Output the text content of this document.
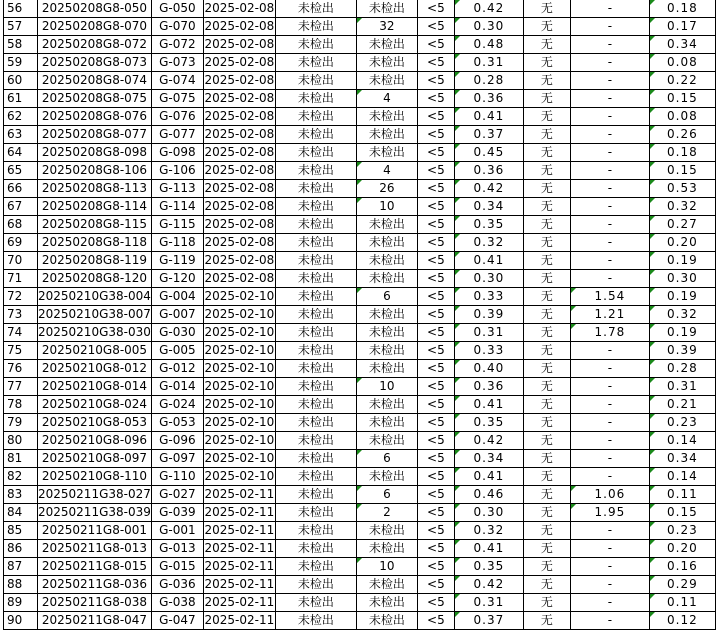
56	20250208G8-050	G-050	2025-02-08	未检出	未检出	<5	0.42	无	-	0.18
57	20250208G8-070	G-070	2025-02-08	未检出	32	<5	0.30	无	-	0.17
58	20250208G8-072	G-072	2025-02-08	未检出	未检出	<5	0.48	无	-	0.34
59	20250208G8-073	G-073	2025-02-08	未检出	未检出	<5	0.31	无	-	0.08
60	20250208G8-074	G-074	2025-02-08	未检出	未检出	<5	0.28	无	-	0.22
61	20250208G8-075	G-075	2025-02-08	未检出	4	<5	0.36	无	-	0.15
62	20250208G8-076	G-076	2025-02-08	未检出	未检出	<5	0.41	无	-	0.08
63	20250208G8-077	G-077	2025-02-08	未检出	未检出	<5	0.37	无	-	0.26
64	20250208G8-098	G-098	2025-02-08	未检出	未检出	<5	0.45	无	-	0.18
65	20250208G8-106	G-106	2025-02-08	未检出	4	<5	0.36	无	-	0.15
66	20250208G8-113	G-113	2025-02-08	未检出	26	<5	0.42	无	-	0.53
67	20250208G8-114	G-114	2025-02-08	未检出	10	<5	0.34	无	-	0.32
68	20250208G8-115	G-115	2025-02-08	未检出	未检出	<5	0.35	无	-	0.27
69	20250208G8-118	G-118	2025-02-08	未检出	未检出	<5	0.32	无	-	0.20
70	20250208G8-119	G-119	2025-02-08	未检出	未检出	<5	0.41	无	-	0.19
71	20250208G8-120	G-120	2025-02-08	未检出	未检出	<5	0.30	无	-	0.30
72	20250210G38-004	G-004	2025-02-10	未检出	6	<5	0.33	无	1.54	0.19
73	20250210G38-007	G-007	2025-02-10	未检出	未检出	<5	0.39	无	1.21	0.32
74	20250210G38-030	G-030	2025-02-10	未检出	未检出	<5	0.31	无	1.78	0.19
75	20250210G8-005	G-005	2025-02-10	未检出	未检出	<5	0.33	无	-	0.39
76	20250210G8-012	G-012	2025-02-10	未检出	未检出	<5	0.40	无	-	0.28
77	20250210G8-014	G-014	2025-02-10	未检出	10	<5	0.36	无	-	0.31
78	20250210G8-024	G-024	2025-02-10	未检出	未检出	<5	0.41	无	-	0.21
79	20250210G8-053	G-053	2025-02-10	未检出	未检出	<5	0.35	无	-	0.23
80	20250210G8-096	G-096	2025-02-10	未检出	未检出	<5	0.42	无	-	0.14
81	20250210G8-097	G-097	2025-02-10	未检出	6	<5	0.34	无	-	0.34
82	20250210G8-110	G-110	2025-02-10	未检出	未检出	<5	0.41	无	-	0.14
83	20250211G38-027	G-027	2025-02-11	未检出	6	<5	0.46	无	1.06	0.11
84	20250211G38-039	G-039	2025-02-11	未检出	2	<5	0.30	无	1.95	0.15
85	20250211G8-001	G-001	2025-02-11	未检出	未检出	<5	0.32	无	-	0.23
86	20250211G8-013	G-013	2025-02-11	未检出	未检出	<5	0.41	无	-	0.20
87	20250211G8-015	G-015	2025-02-11	未检出	10	<5	0.35	无	-	0.16
88	20250211G8-036	G-036	2025-02-11	未检出	未检出	<5	0.42	无	-	0.29
89	20250211G8-038	G-038	2025-02-11	未检出	未检出	<5	0.31	无	-	0.11
90	20250211G8-047	G-047	2025-02-11	未检出	未检出	<5	0.37	无	-	0.12
